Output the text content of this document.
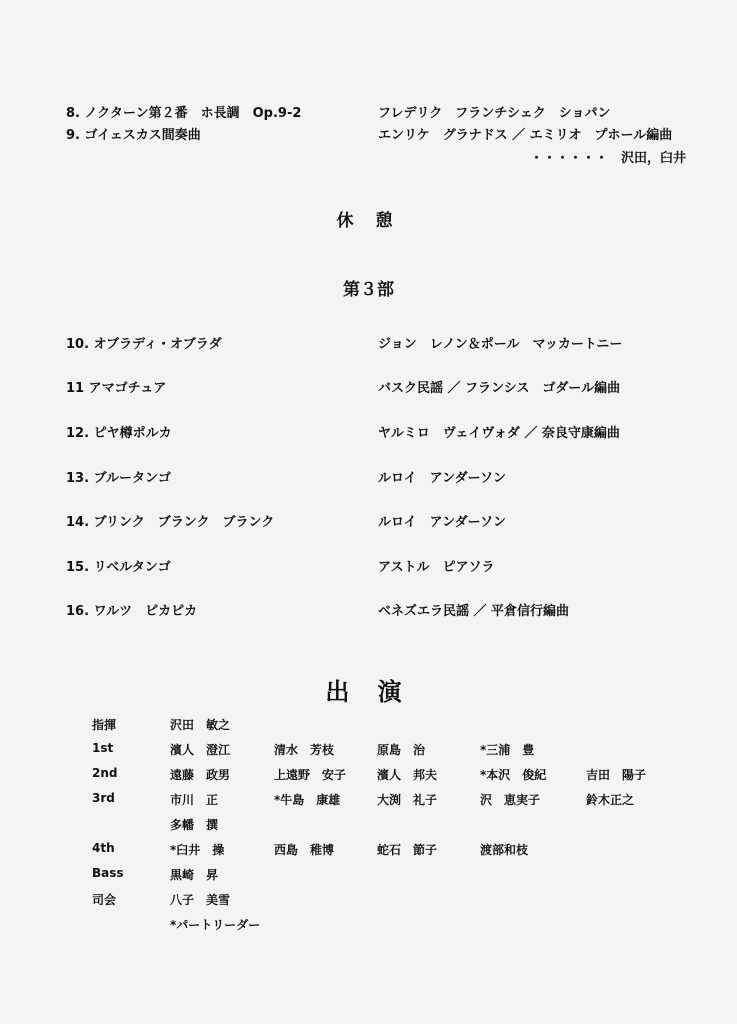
8. ノクターン第２番　ホ長調　Op.9-2	フレデリク　フランチシェク　ショパン
9. ゴイェスカス間奏曲	エンリケ　グラナドス ／ エミリオ　プホール編曲
・・・・・・　沢田，臼井
休 憩
第３部
10. オブラディ・オブラダ	ジョン　レノン＆ポール　マッカートニー
11 アマゴチュア	バスク民謡 ／ フランシス　ゴダール編曲
12. ピヤ樽ポルカ	ヤルミロ　ヴェイヴォダ ／ 奈良守康編曲
13. ブルータンゴ	ルロイ　アンダーソン
14. ブリンク　ブランク　ブランク	ルロイ　アンダーソン
15. リベルタンゴ	アストル　ピアソラ
16. ワルツ　ピカピカ	ベネズエラ民謡 ／ 平倉信行編曲
出 演
指揮	沢田　敏之
1st	濱人　澄江	清水　芳枝	原島　治	*三浦　豊
2nd	遠藤　政男	上遠野　安子	濱人　邦夫	*本沢　俊紀	吉田　陽子
3rd	市川　正	*牛島　康雄	大渕　礼子	沢　恵実子	鈴木正之
多幡　撰
4th	*臼井　操	西島　稚博	蛇石　節子	渡部和枝
Bass	黒崎　昇
司会	八子　美雪
*パートリーダー
